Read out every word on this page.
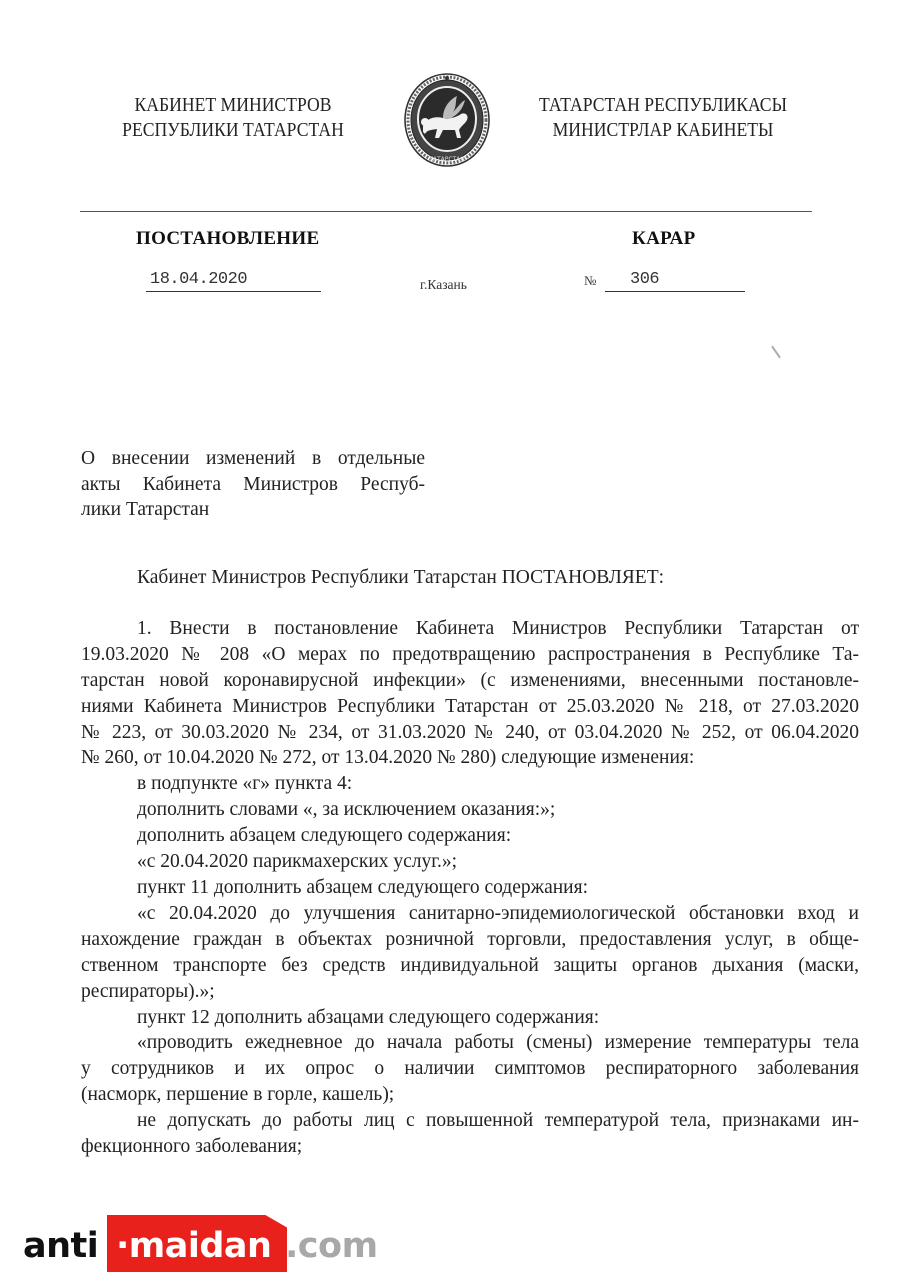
КАБИНЕТ МИНИСТРОВ
РЕСПУБЛИКИ ТАТАРСТАН
ТАТАРСТАН
ТАТАРСТАН РЕСПУБЛИКАСЫ
МИНИСТРЛАР КАБИНЕТЫ
ПОСТАНОВЛЕНИЕ	КАРАР
18.04.2020	г.Казань	№ 306
О внесении изменений в отдельные
акты Кабинета Министров Респуб-
лики Татарстан

Кабинет Министров Республики Татарстан ПОСТАНОВЛЯЕТ:

1. Внести в постановление Кабинета Министров Республики Татарстан от
19.03.2020 № 208 «О мерах по предотвращению распространения в Республике Та-
тарстан новой коронавирусной инфекции» (с изменениями, внесенными постановле-
ниями Кабинета Министров Республики Татарстан от 25.03.2020 № 218, от 27.03.2020
№ 223, от 30.03.2020 № 234, от 31.03.2020 № 240, от 03.04.2020 № 252, от 06.04.2020
№ 260, от 10.04.2020 № 272, от 13.04.2020 № 280) следующие изменения:
в подпункте «г» пункта 4:
дополнить словами «, за исключением оказания:»;
дополнить абзацем следующего содержания:
«с 20.04.2020 парикмахерских услуг.»;
пункт 11 дополнить абзацем следующего содержания:
«с 20.04.2020 до улучшения санитарно-эпидемиологической обстановки вход и
нахождение граждан в объектах розничной торговли, предоставления услуг, в обще-
ственном транспорте без средств индивидуальной защиты органов дыхания (маски,
респираторы).»;
пункт 12 дополнить абзацами следующего содержания:
«проводить ежедневное до начала работы (смены) измерение температуры тела
у сотрудников и их опрос о наличии симптомов респираторного заболевания
(насморк, першение в горле, кашель);
не допускать до работы лиц с повышенной температурой тела, признаками ин-
фекционного заболевания;
anti ·maidan .com
